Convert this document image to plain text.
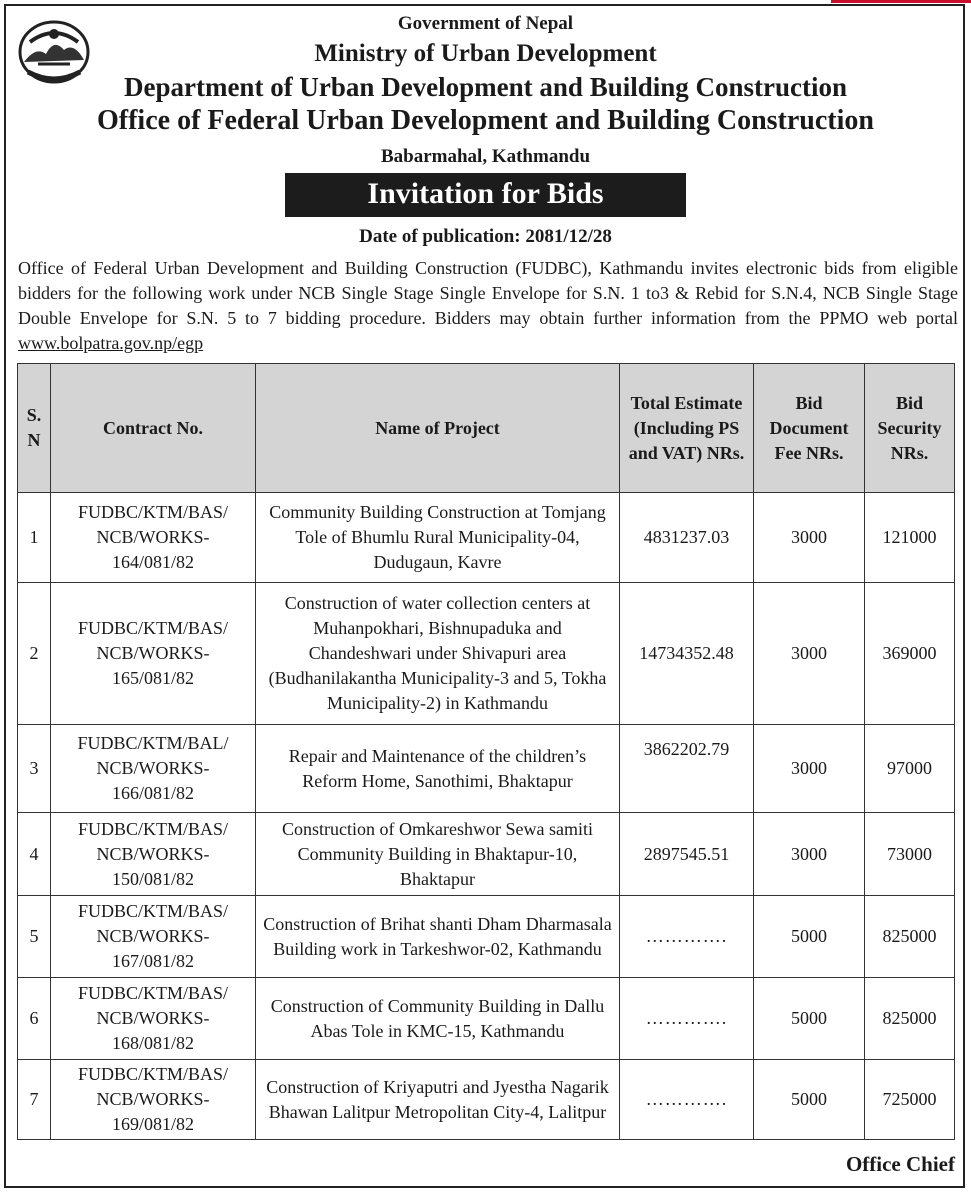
Government of Nepal
Ministry of Urban Development
Department of Urban Development and Building Construction
Office of Federal Urban Development and Building Construction
Babarmahal, Kathmandu
Invitation for Bids
Date of publication: 2081/12/28

Office of Federal Urban Development and Building Construction (FUDBC), Kathmandu invites electronic bids from eligible bidders for the following work under NCB Single Stage Single Envelope for S.N. 1 to3 & Rebid for S.N.4, NCB Single Stage Double Envelope for S.N. 5 to 7 bidding procedure. Bidders may obtain further information from the PPMO web portal www.bolpatra.gov.np/egp

S. N	Contract No.	Name of Project	Total Estimate (Including PS and VAT) NRs.	Bid Document Fee NRs.	Bid Security NRs.
1	FUDBC/KTM/BAS/ NCB/WORKS- 164/081/82	Community Building Construction at Tomjang Tole of Bhumlu Rural Municipality-04, Dudugaun, Kavre	4831237.03	3000	121000
2	FUDBC/KTM/BAS/ NCB/WORKS- 165/081/82	Construction of water collection centers at Muhanpokhari, Bishnupaduka and Chandeshwari under Shivapuri area (Budhanilakantha Municipality-3 and 5, Tokha Municipality-2) in Kathmandu	14734352.48	3000	369000
3	FUDBC/KTM/BAL/ NCB/WORKS- 166/081/82	Repair and Maintenance of the children’s Reform Home, Sanothimi, Bhaktapur	3862202.79	3000	97000
4	FUDBC/KTM/BAS/ NCB/WORKS- 150/081/82	Construction of Omkareshwor Sewa samiti Community Building in Bhaktapur-10, Bhaktapur	2897545.51	3000	73000
5	FUDBC/KTM/BAS/ NCB/WORKS- 167/081/82	Construction of Brihat shanti Dham Dharmasala Building work in Tarkeshwor-02, Kathmandu	………….	5000	825000
6	FUDBC/KTM/BAS/ NCB/WORKS- 168/081/82	Construction of Community Building in Dallu Abas Tole in KMC-15, Kathmandu	………….	5000	825000
7	FUDBC/KTM/BAS/ NCB/WORKS- 169/081/82	Construction of Kriyaputri and Jyestha Nagarik Bhawan Lalitpur Metropolitan City-4, Lalitpur	………….	5000	725000
Office Chief
